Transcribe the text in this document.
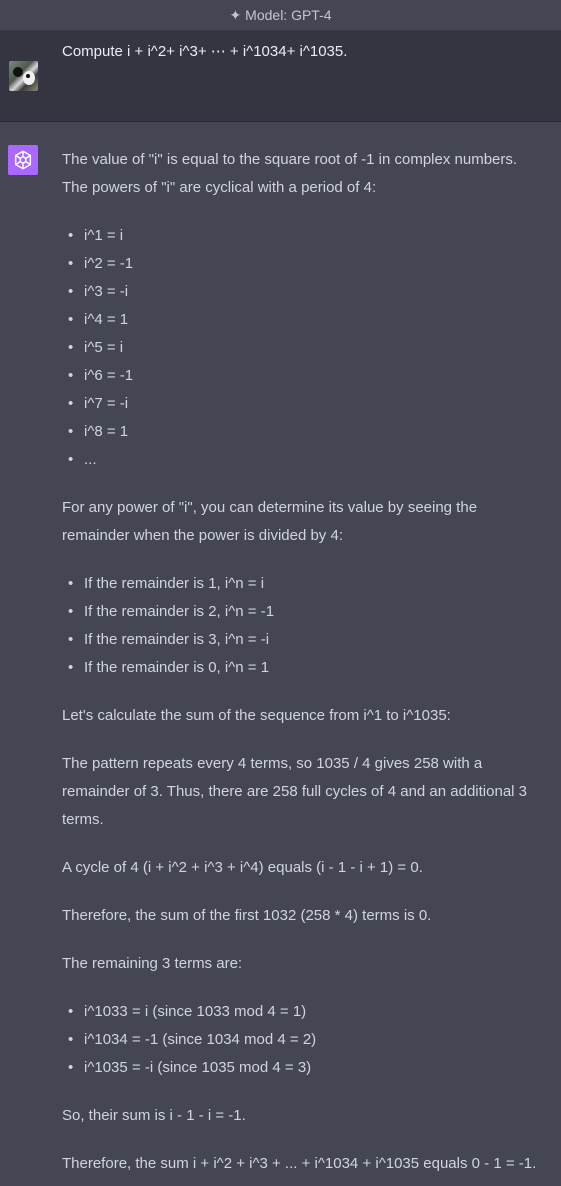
✦ Model: GPT-4
Compute i + i^2+ i^3+ ⋯ + i^1034+ i^1035.
The value of "i" is equal to the square root of -1 in complex numbers.
The powers of "i" are cyclical with a period of 4:
• i^1 = i
• i^2 = -1
• i^3 = -i
• i^4 = 1
• i^5 = i
• i^6 = -1
• i^7 = -i
• i^8 = 1
• ...
For any power of "i", you can determine its value by seeing the
remainder when the power is divided by 4:
• If the remainder is 1, i^n = i
• If the remainder is 2, i^n = -1
• If the remainder is 3, i^n = -i
• If the remainder is 0, i^n = 1
Let's calculate the sum of the sequence from i^1 to i^1035:
The pattern repeats every 4 terms, so 1035 / 4 gives 258 with a
remainder of 3. Thus, there are 258 full cycles of 4 and an additional 3
terms.
A cycle of 4 (i + i^2 + i^3 + i^4) equals (i - 1 - i + 1) = 0.
Therefore, the sum of the first 1032 (258 * 4) terms is 0.
The remaining 3 terms are:
• i^1033 = i (since 1033 mod 4 = 1)
• i^1034 = -1 (since 1034 mod 4 = 2)
• i^1035 = -i (since 1035 mod 4 = 3)
So, their sum is i - 1 - i = -1.
Therefore, the sum i + i^2 + i^3 + ... + i^1034 + i^1035 equals 0 - 1 = -1.
